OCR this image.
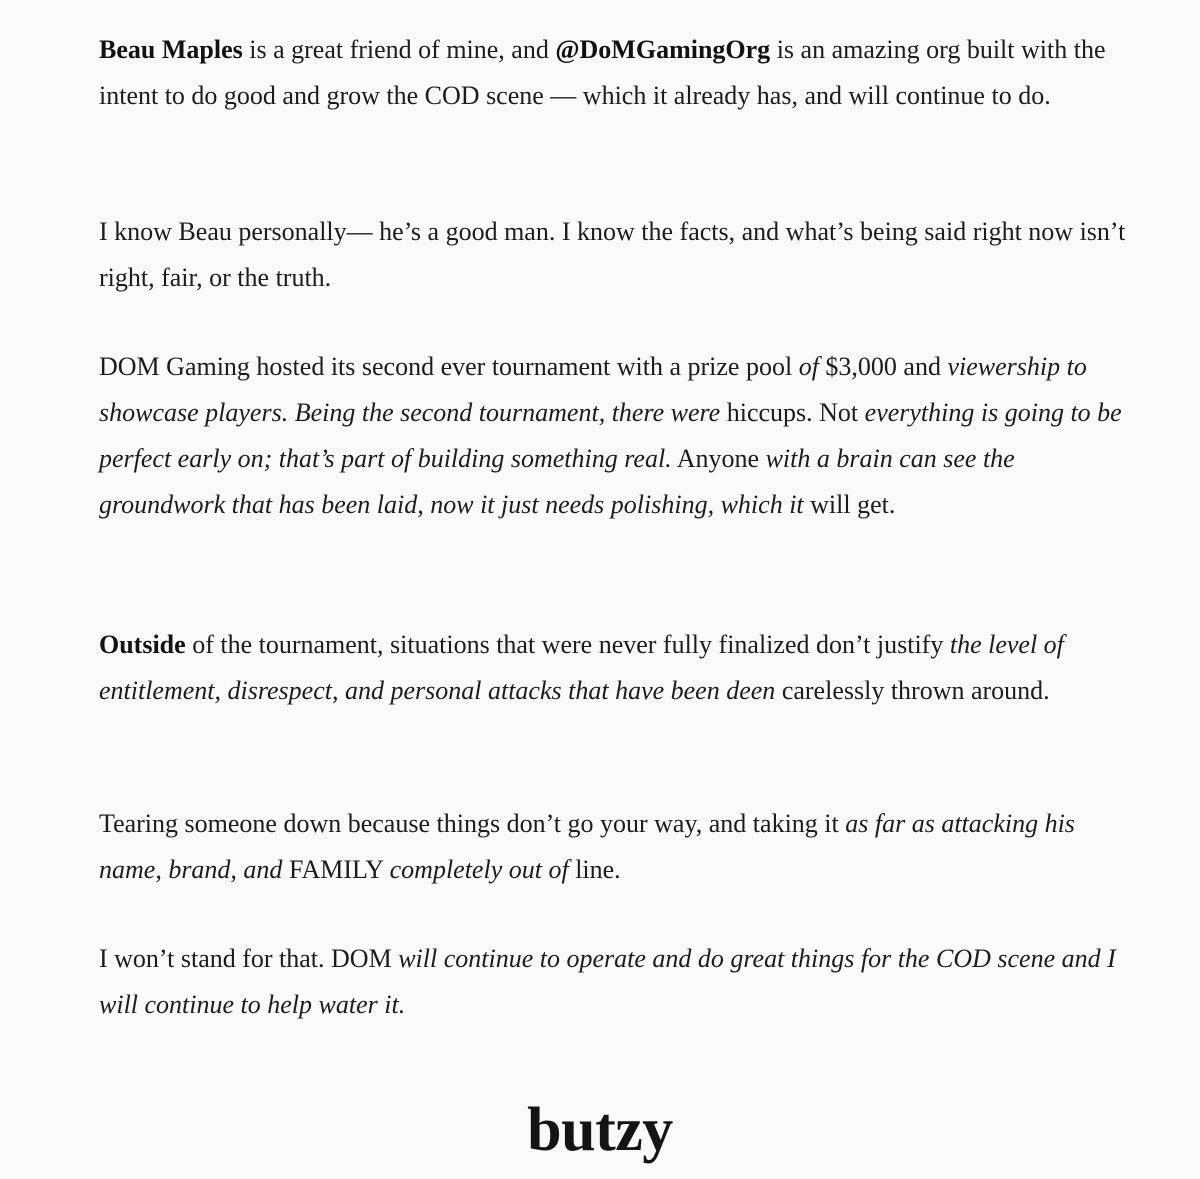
Beau Maples is a great friend of mine, and @DoMGamingOrg is an amazing org built with the intent to do good and grow the COD scene — which it already has, and will continue to do.

I know Beau personally— he’s a good man. I know the facts, and what’s being said right now isn’t right, fair, or the truth.

DOM Gaming hosted its second ever tournament with a prize pool of $3,000 and viewership to showcase players. Being the second tournament, there were hiccups. Not everything is going to be perfect early on; that’s part of building something real. Anyone with a brain can see the groundwork that has been laid, now it just needs polishing, which it will get.

Outside of the tournament, situations that were never fully finalized don’t justify the level of entitlement, disrespect, and personal attacks that have been deen carelessly thrown around.

Tearing someone down because things don’t go your way, and taking it as far as attacking his name, brand, and FAMILY completely out of line.

I won’t stand for that. DOM will continue to operate and do great things for the COD scene and I will continue to help water it.

butzy
